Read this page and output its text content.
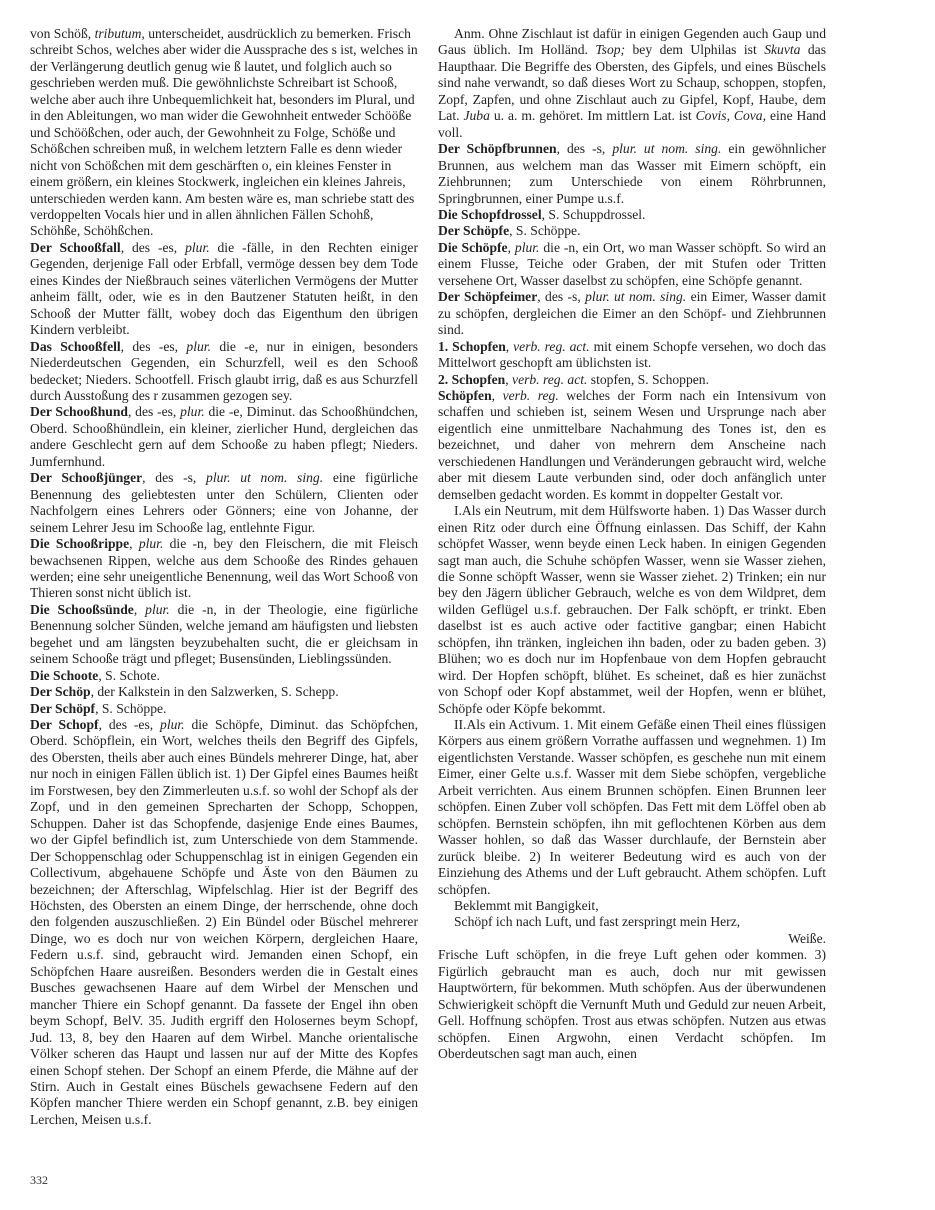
von Schöß, tributum, unterscheidet, ausdrücklich zu bemerken. Frisch schreibt Schos, welches aber wider die Aussprache des s ist, welches in der Verlängerung deutlich genug wie ß lautet, und folglich auch so geschrieben werden muß. Die gewöhnlichste Schreibart ist Schooß, welche aber auch ihre Unbequemlichkeit hat, besonders im Plural, und in den Ableitungen, wo man wider die Gewohnheit entweder Schööße und Schöößchen, oder auch, der Gewohnheit zu Folge, Schöße und Schößchen schreiben muß, in welchem letztern Falle es denn wieder nicht von Schößchen mit dem geschärften o, ein kleines Fenster in einem größern, ein kleines Stockwerk, ingleichen ein kleines Jahreis, unterschieden werden kann. Am besten wäre es, man schriebe statt des verdoppelten Vocals hier und in allen ähnlichen Fällen Schohß, Schöhße, Schöhßchen.

Der Schooßfall, des -es, plur. die -fälle, in den Rechten einiger Gegenden, derjenige Fall oder Erbfall, vermöge dessen bey dem Tode eines Kindes der Nießbrauch seines väterlichen Vermögens der Mutter anheim fällt, oder, wie es in den Bautzener Statuten heißt, in den Schooß der Mutter fällt, wobey doch das Eigenthum den übrigen Kindern verbleibt.

Das Schooßfell, des -es, plur. die -e, nur in einigen, besonders Niederdeutschen Gegenden, ein Schurzfell, weil es den Schooß bedecket; Nieders. Schootfell. Frisch glaubt irrig, daß es aus Schurzfell durch Ausstoßung des r zusammen gezogen sey.

Der Schooßhund, des -es, plur. die -e, Diminut. das Schooßhündchen, Oberd. Schooßhündlein, ein kleiner, zierlicher Hund, dergleichen das andere Geschlecht gern auf dem Schooße zu haben pflegt; Nieders. Jumfernhund.

Der Schooßjünger, des -s, plur. ut nom. sing. eine figürliche Benennung des geliebtesten unter den Schülern, Clienten oder Nachfolgern eines Lehrers oder Gönners; eine von Johanne, der seinem Lehrer Jesu im Schooße lag, entlehnte Figur.

Die Schooßrippe, plur. die -n, bey den Fleischern, die mit Fleisch bewachsenen Rippen, welche aus dem Schooße des Rindes gehauen werden; eine sehr uneigentliche Benennung, weil das Wort Schooß von Thieren sonst nicht üblich ist.

Die Schooßsünde, plur. die -n, in der Theologie, eine figürliche Benennung solcher Sünden, welche jemand am häufigsten und liebsten begehet und am längsten beyzubehalten sucht, die er gleichsam in seinem Schooße trägt und pfleget; Busensünden, Lieblingssünden.

Die Schoote, S. Schote.

Der Schöp, der Kalkstein in den Salzwerken, S. Schepp.

Der Schöpf, S. Schöppe.

Der Schopf, des -es, plur. die Schöpfe, Diminut. das Schöpfchen, Oberd. Schöpflein, ein Wort, welches theils den Begriff des Gipfels, des Obersten, theils aber auch eines Bündels mehrerer Dinge, hat, aber nur noch in einigen Fällen üblich ist. 1) Der Gipfel eines Baumes heißt im Forstwesen, bey den Zimmerleuten u.s.f. so wohl der Schopf als der Zopf, und in den gemeinen Sprecharten der Schopp, Schoppen, Schuppen. Daher ist das Schopfende, dasjenige Ende eines Baumes, wo der Gipfel befindlich ist, zum Unterschiede von dem Stammende. Der Schoppenschlag oder Schuppenschlag ist in einigen Gegenden ein Collectivum, abgehauene Schöpfe und Äste von den Bäumen zu bezeichnen; der Afterschlag, Wipfelschlag. Hier ist der Begriff des Höchsten, des Obersten an einem Dinge, der herrschende, ohne doch den folgenden auszuschließen. 2) Ein Bündel oder Büschel mehrerer Dinge, wo es doch nur von weichen Körpern, dergleichen Haare, Federn u.s.f. sind, gebraucht wird. Jemanden einen Schopf, ein Schöpfchen Haare ausreißen. Besonders werden die in Gestalt eines Busches gewachsenen Haare auf dem Wirbel der Menschen und mancher Thiere ein Schopf genannt. Da fassete der Engel ihn oben beym Schopf, BelV. 35. Judith ergriff den Holosernes beym Schopf, Jud. 13, 8, bey den Haaren auf dem Wirbel. Manche orientalische Völker scheren das Haupt und lassen nur auf der Mitte des Kopfes einen Schopf stehen. Der Schopf an einem Pferde, die Mähne auf der Stirn. Auch in Gestalt eines Büschels gewachsene Federn auf den Köpfen mancher Thiere werden ein Schopf genannt, z.B. bey einigen Lerchen, Meisen u.s.f.

Anm. Ohne Zischlaut ist dafür in einigen Gegenden auch Gaup und Gaus üblich. Im Holländ. Tsop; bey dem Ulphilas ist Skuvta das Haupthaar. Die Begriffe des Obersten, des Gipfels, und eines Büschels sind nahe verwandt, so daß dieses Wort zu Schaup, schoppen, stopfen, Zopf, Zapfen, und ohne Zischlaut auch zu Gipfel, Kopf, Haube, dem Lat. Juba u. a. m. gehöret. Im mittlern Lat. ist Covis, Cova, eine Hand voll.

Der Schöpfbrunnen, des -s, plur. ut nom. sing. ein gewöhnlicher Brunnen, aus welchem man das Wasser mit Eimern schöpft, ein Ziehbrunnen; zum Unterschiede von einem Röhrbrunnen, Springbrunnen, einer Pumpe u.s.f.

Die Schopfdrossel, S. Schuppdrossel.

Der Schöpfe, S. Schöppe.

Die Schöpfe, plur. die -n, ein Ort, wo man Wasser schöpft. So wird an einem Flusse, Teiche oder Graben, der mit Stufen oder Tritten versehene Ort, Wasser daselbst zu schöpfen, eine Schöpfe genannt.

Der Schöpfeimer, des -s, plur. ut nom. sing. ein Eimer, Wasser damit zu schöpfen, dergleichen die Eimer an den Schöpf- und Ziehbrunnen sind.

1. Schopfen, verb. reg. act. mit einem Schopfe versehen, wo doch das Mittelwort geschopft am üblichsten ist.

2. Schopfen, verb. reg. act. stopfen, S. Schoppen.

Schöpfen, verb. reg. welches der Form nach ein Intensivum von schaffen und schieben ist, seinem Wesen und Ursprunge nach aber eigentlich eine unmittelbare Nachahmung des Tones ist, den es bezeichnet, und daher von mehrern dem Anscheine nach verschiedenen Handlungen und Veränderungen gebraucht wird, welche aber mit diesem Laute verbunden sind, oder doch anfänglich unter demselben gedacht worden. Es kommt in doppelter Gestalt vor.

I.Als ein Neutrum, mit dem Hülfsworte haben. 1) Das Wasser durch einen Ritz oder durch eine Öffnung einlassen. Das Schiff, der Kahn schöpfet Wasser, wenn beyde einen Leck haben. In einigen Gegenden sagt man auch, die Schuhe schöpfen Wasser, wenn sie Wasser ziehen, die Sonne schöpft Wasser, wenn sie Wasser ziehet. 2) Trinken; ein nur bey den Jägern üblicher Gebrauch, welche es von dem Wildpret, dem wilden Geflügel u.s.f. gebrauchen. Der Falk schöpft, er trinkt. Eben daselbst ist es auch active oder factitive gangbar; einen Habicht schöpfen, ihn tränken, ingleichen ihn baden, oder zu baden geben. 3) Blühen; wo es doch nur im Hopfenbaue von dem Hopfen gebraucht wird. Der Hopfen schöpft, blühet. Es scheinet, daß es hier zunächst von Schopf oder Kopf abstammet, weil der Hopfen, wenn er blühet, Schöpfe oder Köpfe bekommt.

II.Als ein Activum. 1. Mit einem Gefäße einen Theil eines flüssigen Körpers aus einem größern Vorrathe auffassen und wegnehmen. 1) Im eigentlichsten Verstande. Wasser schöpfen, es geschehe nun mit einem Eimer, einer Gelte u.s.f. Wasser mit dem Siebe schöpfen, vergebliche Arbeit verrichten. Aus einem Brunnen schöpfen. Einen Brunnen leer schöpfen. Einen Zuber voll schöpfen. Das Fett mit dem Löffel oben ab schöpfen. Bernstein schöpfen, ihn mit geflochtenen Körben aus dem Wasser hohlen, so daß das Wasser durchlaufe, der Bernstein aber zurück bleibe. 2) In weiterer Bedeutung wird es auch von der Einziehung des Athems und der Luft gebraucht. Athem schöpfen. Luft schöpfen.

Beklemmt mit Bangigkeit,

Schöpf ich nach Luft, und fast zerspringt mein Herz,

Weiße.

Frische Luft schöpfen, in die freye Luft gehen oder kommen. 3) Figürlich gebraucht man es auch, doch nur mit gewissen Hauptwörtern, für bekommen. Muth schöpfen. Aus der überwundenen Schwierigkeit schöpft die Vernunft Muth und Geduld zur neuen Arbeit, Gell. Hoffnung schöpfen. Trost aus etwas schöpfen. Nutzen aus etwas schöpfen. Einen Argwohn, einen Verdacht schöpfen. Im Oberdeutschen sagt man auch, einen

332
